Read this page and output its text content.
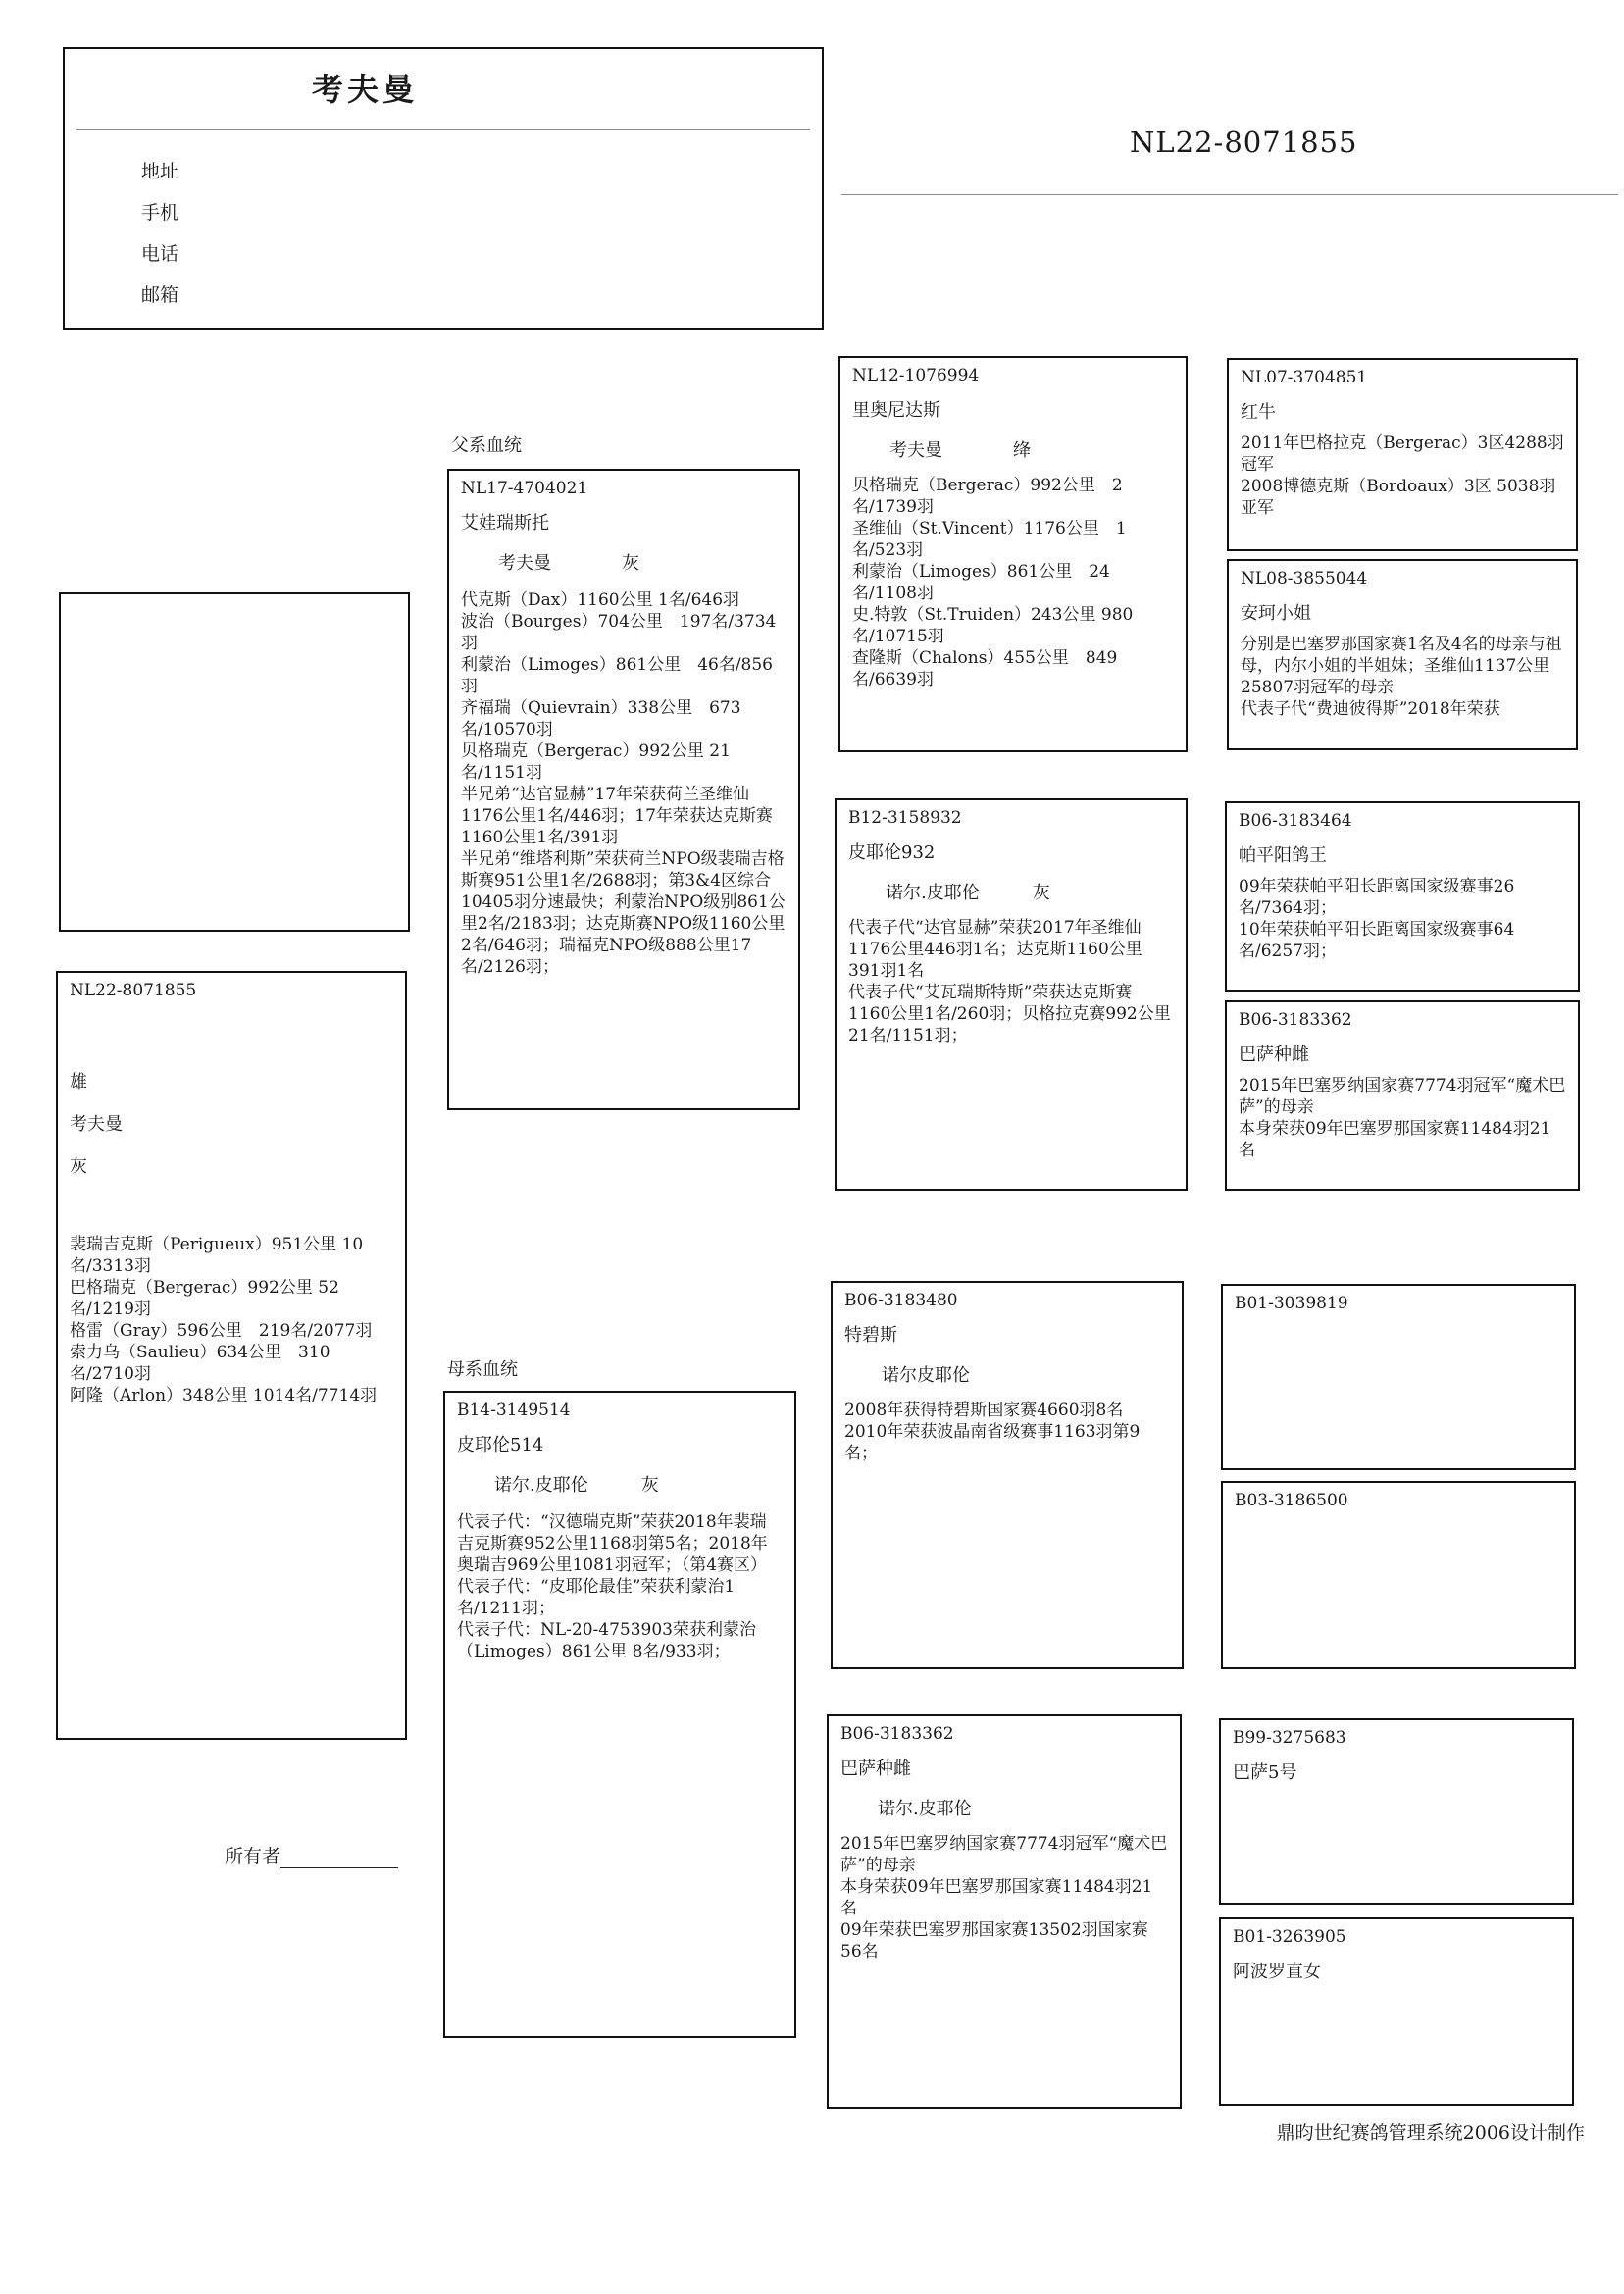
考夫曼
地址
手机
电话
邮箱
NL22-8071855
NL22-8071855
雄
考夫曼
灰
裴瑞吉克斯（Perigueux）951公里 10名/3313羽
巴格瑞克（Bergerac）992公里 52名/1219羽
格雷（Gray）596公里　219名/2077羽
索力乌（Saulieu）634公里　310名/2710羽
阿隆（Arlon）348公里 1014名/7714羽
父系血统
母系血统
NL17-4704021
艾娃瑞斯托
考夫曼　　　　灰
代克斯（Dax）1160公里 1名/646羽
波治（Bourges）704公里　197名/3734羽
利蒙治（Limoges）861公里　46名/856羽
齐福瑞（Quievrain）338公里　673名/10570羽
贝格瑞克（Bergerac）992公里 21名/1151羽
半兄弟“达官显赫”17年荣获荷兰圣维仙1176公里1名/446羽；17年荣获达克斯赛1160公里1名/391羽
半兄弟“维塔利斯”荣获荷兰NPO级裴瑞吉格斯赛951公里1名/2688羽；第3&4区综合10405羽分速最快；利蒙治NPO级别861公里2名/2183羽；达克斯赛NPO级1160公里2名/646羽；瑞福克NPO级888公里17名/2126羽；
B14-3149514
皮耶伦514
诺尔.皮耶伦　　　灰
代表子代：“汉德瑞克斯”荣获2018年裴瑞吉克斯赛952公里1168羽第5名；2018年奥瑞吉969公里1081羽冠军；（第4赛区）
代表子代：“皮耶伦最佳”荣获利蒙治1名/1211羽；
代表子代：NL-20-4753903荣获利蒙治（Limoges）861公里 8名/933羽；
NL12-1076994
里奥尼达斯
考夫曼　　　　绛
贝格瑞克（Bergerac）992公里　2名/1739羽
圣维仙（St.Vincent）1176公里　1名/523羽
利蒙治（Limoges）861公里　24名/1108羽
史.特敦（St.Truiden）243公里 980名/10715羽
查隆斯（Chalons）455公里　849名/6639羽
B12-3158932
皮耶伦932
诺尔.皮耶伦　　　灰
代表子代“达官显赫”荣获2017年圣维仙1176公里446羽1名；达克斯1160公里391羽1名
代表子代“艾瓦瑞斯特斯”荣获达克斯赛1160公里1名/260羽；贝格拉克赛992公里21名/1151羽；
B06-3183480
特碧斯
诺尔皮耶伦
2008年获得特碧斯国家赛4660羽8名
2010年荣获波晶南省级赛事1163羽第9名；
B06-3183362
巴萨种雌
诺尔.皮耶伦
2015年巴塞罗纳国家赛7774羽冠军“魔术巴萨”的母亲
本身荣获09年巴塞罗那国家赛11484羽21名
09年荣获巴塞罗那国家赛13502羽国家赛56名
NL07-3704851
红牛
2011年巴格拉克（Bergerac）3区4288羽冠军
2008博德克斯（Bordoaux）3区 5038羽 亚军
NL08-3855044
安珂小姐
分别是巴塞罗那国家赛1名及4名的母亲与祖母，内尔小姐的半姐妹；圣维仙1137公里25807羽冠军的母亲
代表子代“费迪彼得斯”2018年荣获
B06-3183464
帕平阳鸽王
09年荣获帕平阳长距离国家级赛事26名/7364羽；
10年荣获帕平阳长距离国家级赛事64名/6257羽；
B06-3183362
巴萨种雌
2015年巴塞罗纳国家赛7774羽冠军“魔术巴萨”的母亲
本身荣获09年巴塞罗那国家赛11484羽21名
B01-3039819
B03-3186500
B99-3275683
巴萨5号
B01-3263905
阿波罗直女
所有者
鼎昀世纪赛鸽管理系统2006设计制作
